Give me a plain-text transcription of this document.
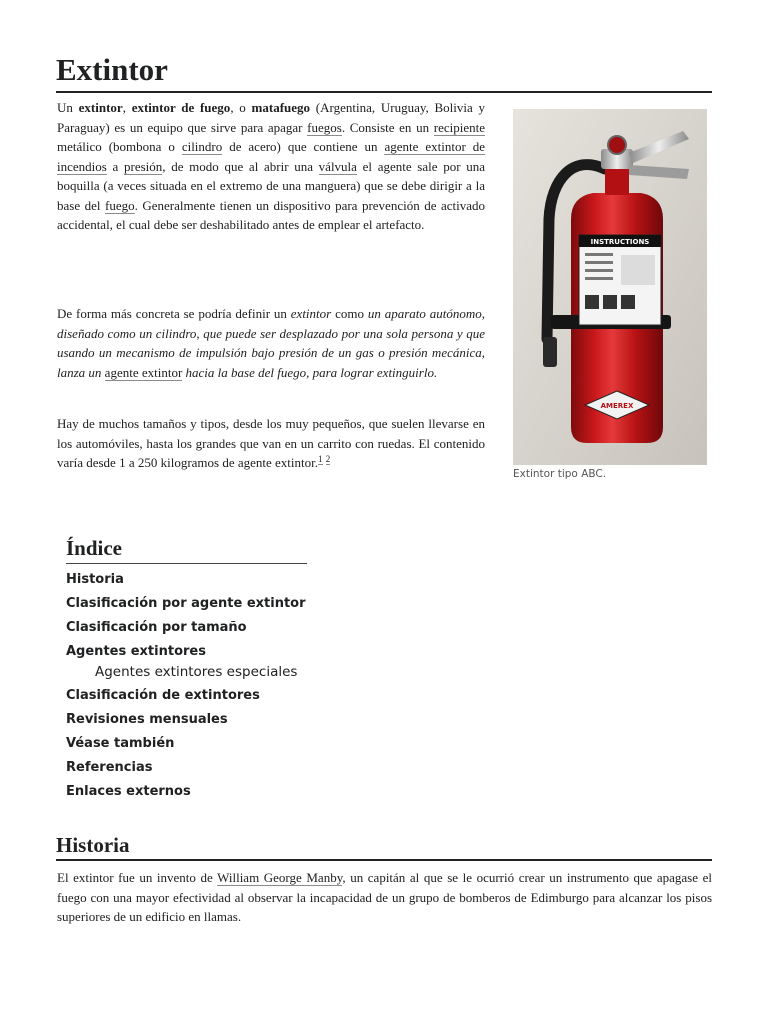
Extintor

Un extintor, extintor de fuego, o matafuego (Argentina, Uruguay, Bolivia y Paraguay) es un equipo que sirve para apagar fuegos. Consiste en un recipiente metálico (bombona o cilindro de acero) que contiene un agente extintor de incendios a presión, de modo que al abrir una válvula el agente sale por una boquilla (a veces situada en el extremo de una manguera) que se debe dirigir a la base del fuego. Generalmente tienen un dispositivo para prevención de activado accidental, el cual debe ser deshabilitado antes de emplear el artefacto.

De forma más concreta se podría definir un extintor como un aparato autónomo, diseñado como un cilindro, que puede ser desplazado por una sola persona y que usando un mecanismo de impulsión bajo presión de un gas o presión mecánica, lanza un agente extintor hacia la base del fuego, para lograr extinguirlo.

Hay de muchos tamaños y tipos, desde los muy pequeños, que suelen llevarse en los automóviles, hasta los grandes que van en un carrito con ruedas. El contenido varía desde 1 a 250 kilogramos de agente extintor.$^1$ $^2$

INSTRUCTIONS
AMEREX
Extintor tipo ABC.
Índice
Historia
Clasificación por agente extintor
Clasificación por tamaño
Agentes extintores
Agentes extintores especiales
Clasificación de extintores
Revisiones mensuales
Véase también
Referencias
Enlaces externos
Historia

El extintor fue un invento de William George Manby, un capitán al que se le ocurrió crear un instrumento que apagase el fuego con una mayor efectividad al observar la incapacidad de un grupo de bomberos de Edimburgo para alcanzar los pisos superiores de un edificio en llamas.
